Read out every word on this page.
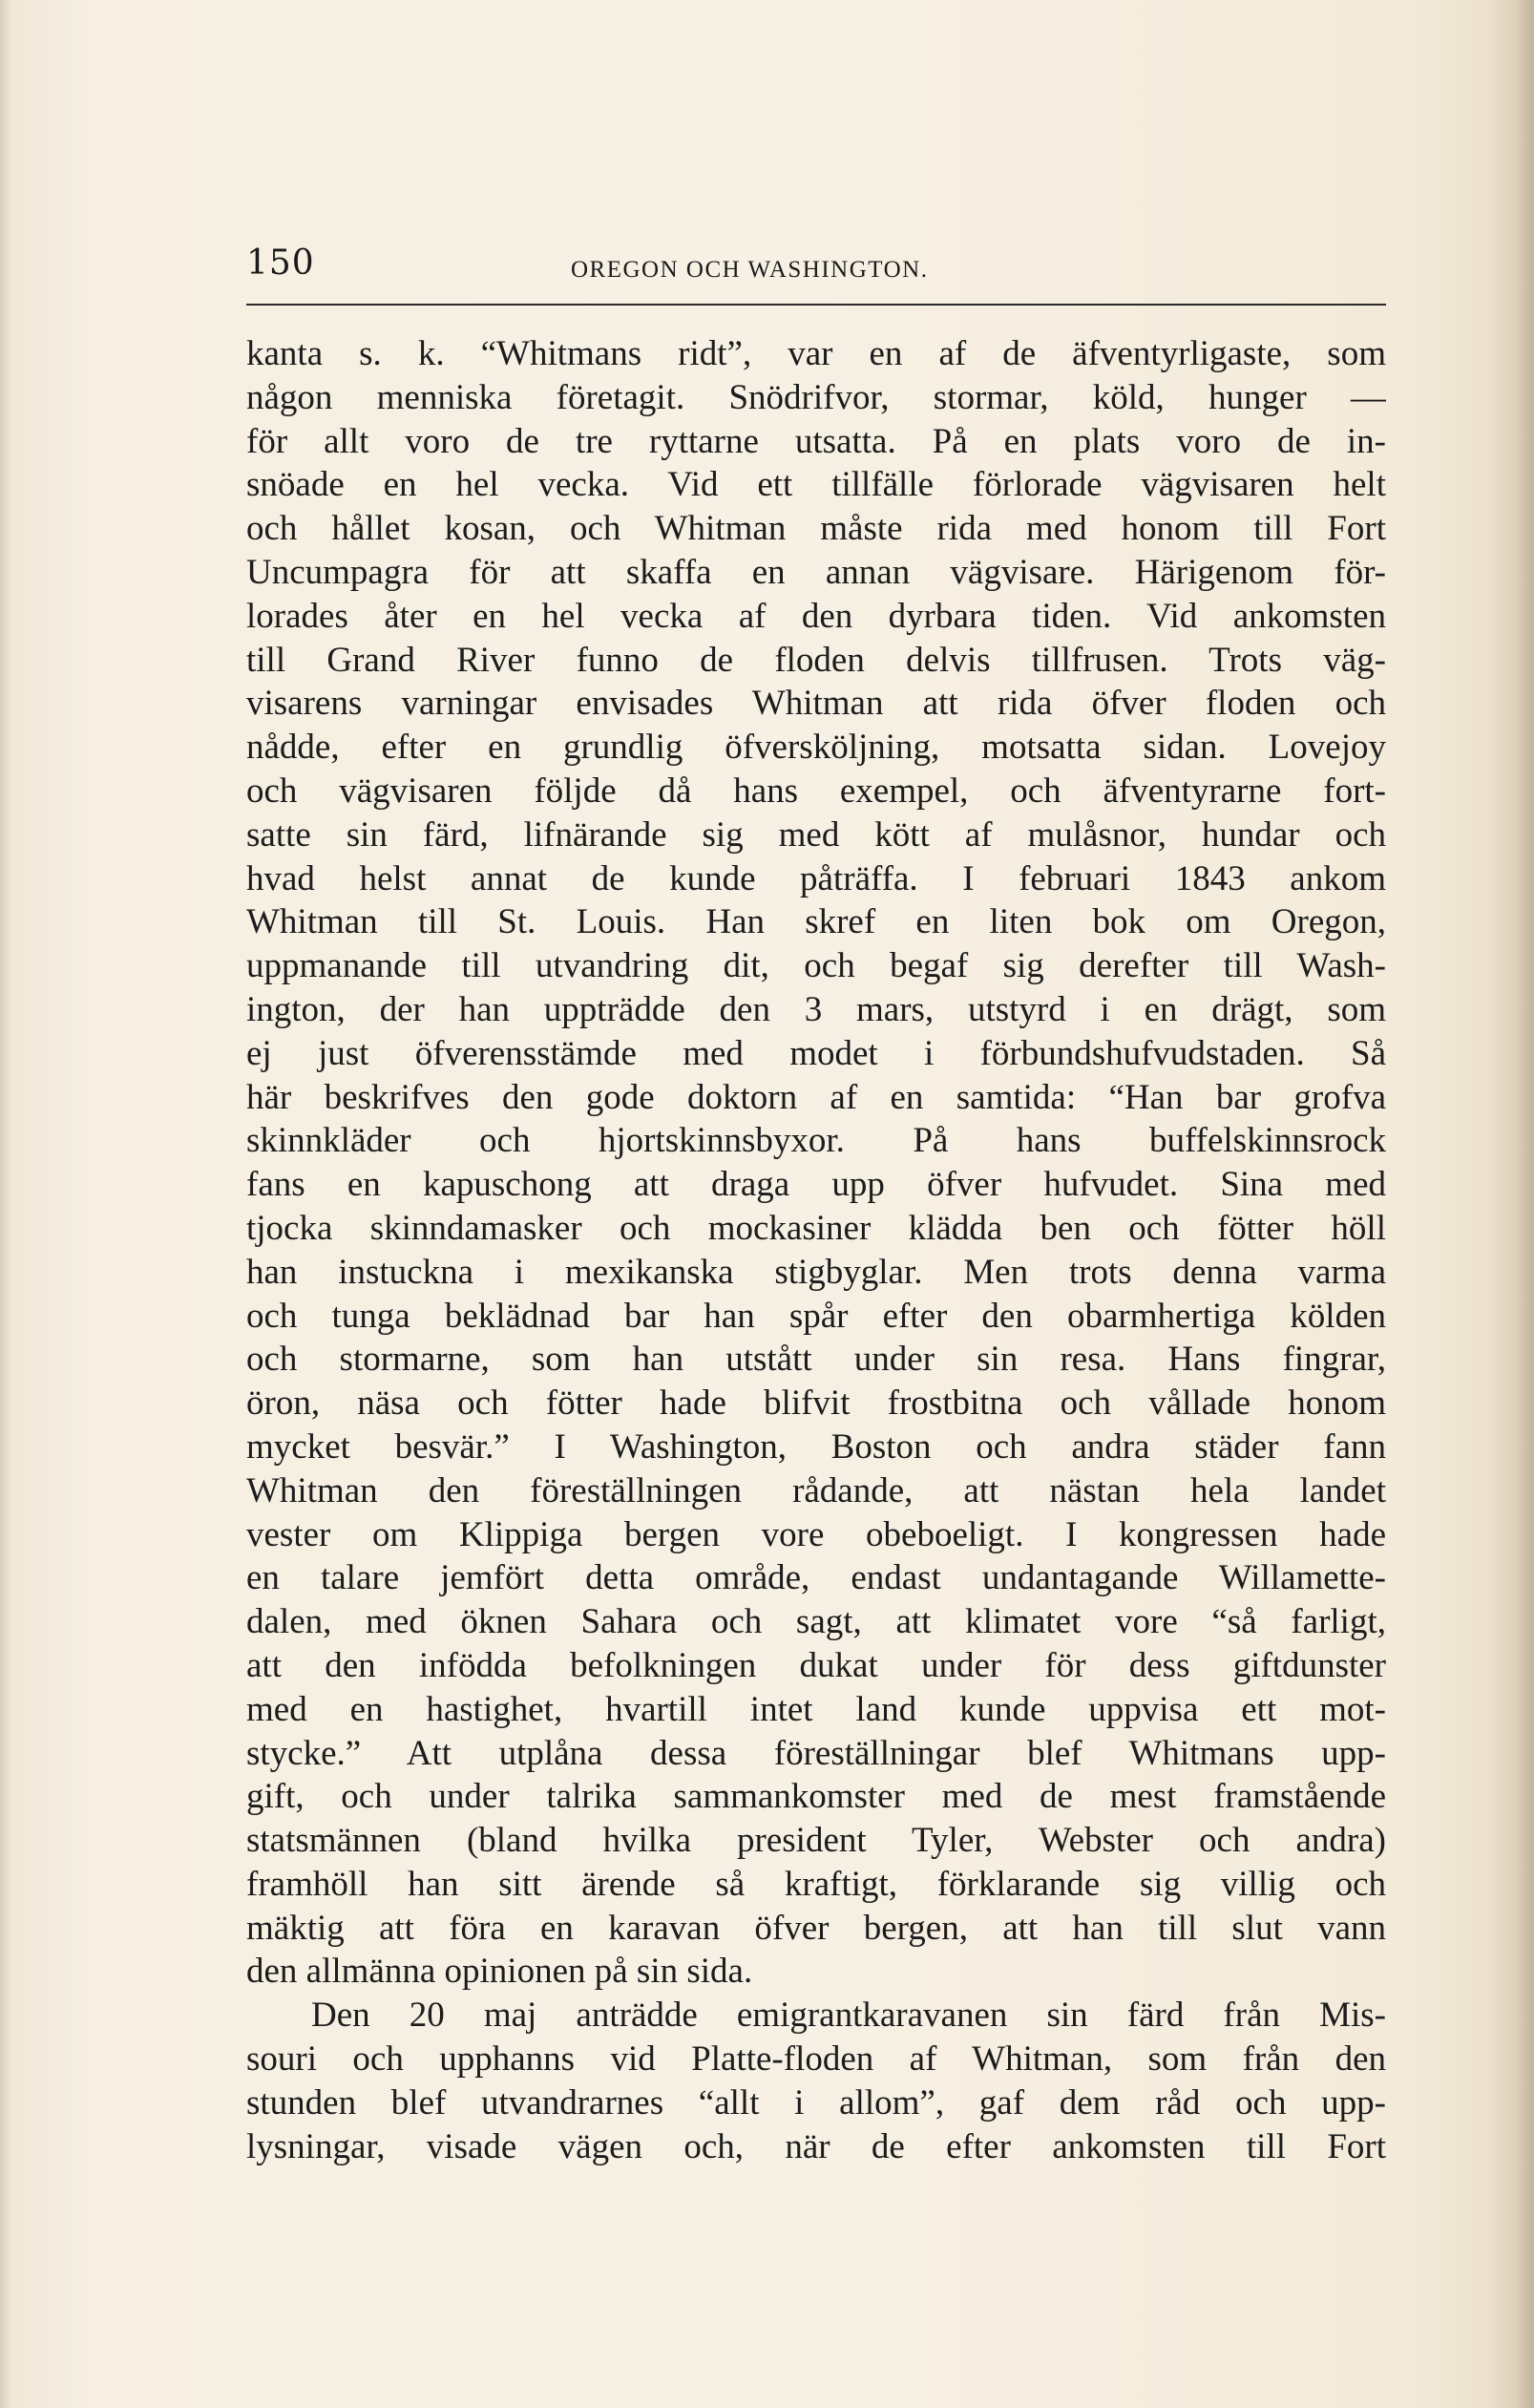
150	OREGON OCH WASHINGTON.
kanta s. k. “Whitmans ridt”, var en af de äfventyrligaste, som
någon menniska företagit. Snödrifvor, stormar, köld, hunger —
för allt voro de tre ryttarne utsatta. På en plats voro de in-
snöade en hel vecka. Vid ett tillfälle förlorade vägvisaren helt
och hållet kosan, och Whitman måste rida med honom till Fort
Uncumpagra för att skaffa en annan vägvisare. Härigenom för-
lorades åter en hel vecka af den dyrbara tiden. Vid ankomsten
till Grand River funno de floden delvis tillfrusen. Trots väg-
visarens varningar envisades Whitman att rida öfver floden och
nådde, efter en grundlig öfversköljning, motsatta sidan. Lovejoy
och vägvisaren följde då hans exempel, och äfventyrarne fort-
satte sin färd, lifnärande sig med kött af mulåsnor, hundar och
hvad helst annat de kunde påträffa. I februari 1843 ankom
Whitman till St. Louis. Han skref en liten bok om Oregon,
uppmanande till utvandring dit, och begaf sig derefter till Wash-
ington, der han uppträdde den 3 mars, utstyrd i en drägt, som
ej just öfverensstämde med modet i förbundshufvudstaden. Så
här beskrifves den gode doktorn af en samtida: “Han bar grofva
skinnkläder och hjortskinnsbyxor. På hans buffelskinnsrock
fans en kapuschong att draga upp öfver hufvudet. Sina med
tjocka skinndamasker och mockasiner klädda ben och fötter höll
han instuckna i mexikanska stigbyglar. Men trots denna varma
och tunga beklädnad bar han spår efter den obarmhertiga kölden
och stormarne, som han utstått under sin resa. Hans fingrar,
öron, näsa och fötter hade blifvit frostbitna och vållade honom
mycket besvär.” I Washington, Boston och andra städer fann
Whitman den föreställningen rådande, att nästan hela landet
vester om Klippiga bergen vore obeboeligt. I kongressen hade
en talare jemfört detta område, endast undantagande Willamette-
dalen, med öknen Sahara och sagt, att klimatet vore “så farligt,
att den infödda befolkningen dukat under för dess giftdunster
med en hastighet, hvartill intet land kunde uppvisa ett mot-
stycke.” Att utplåna dessa föreställningar blef Whitmans upp-
gift, och under talrika sammankomster med de mest framstående
statsmännen (bland hvilka president Tyler, Webster och andra)
framhöll han sitt ärende så kraftigt, förklarande sig villig och
mäktig att föra en karavan öfver bergen, att han till slut vann
den allmänna opinionen på sin sida.
Den 20 maj anträdde emigrantkaravanen sin färd från Mis-
souri och upphanns vid Platte-floden af Whitman, som från den
stunden blef utvandrarnes “allt i allom”, gaf dem råd och upp-
lysningar, visade vägen och, när de efter ankomsten till Fort
